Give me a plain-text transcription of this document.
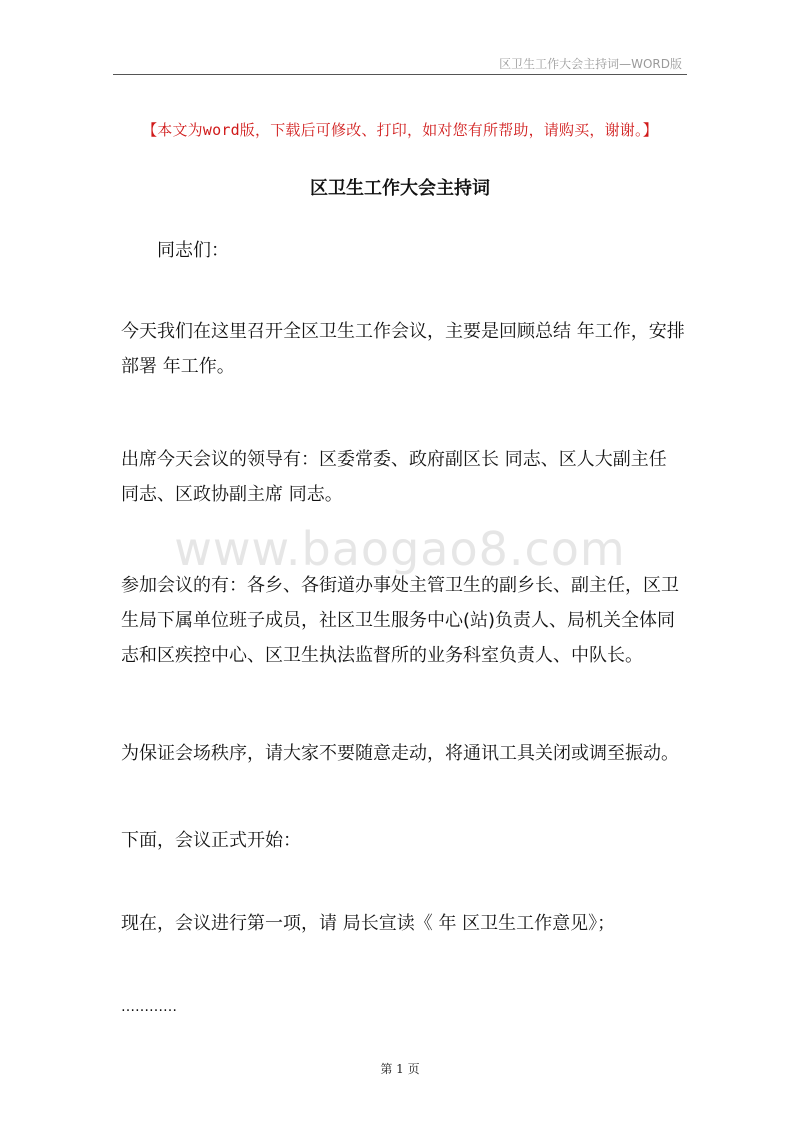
区卫生工作大会主持词—WORD版
【本文为word版，下载后可修改、打印，如对您有所帮助，请购买，谢谢。】
区卫生工作大会主持词
同志们：
今天我们在这里召开全区卫生工作会议，主要是回顾总结 年工作，安排部署 年工作。
出席今天会议的领导有：区委常委、政府副区长 同志、区人大副主任 同志、区政协副主席 同志。
www.baogao8.com
参加会议的有：各乡、各街道办事处主管卫生的副乡长、副主任，区卫生局下属单位班子成员，社区卫生服务中心(站)负责人、局机关全体同志和区疾控中心、区卫生执法监督所的业务科室负责人、中队长。
为保证会场秩序，请大家不要随意走动，将通讯工具关闭或调至振动。
下面，会议正式开始：
现在，会议进行第一项，请 局长宣读《 年 区卫生工作意见》；
…………
第 1 页
